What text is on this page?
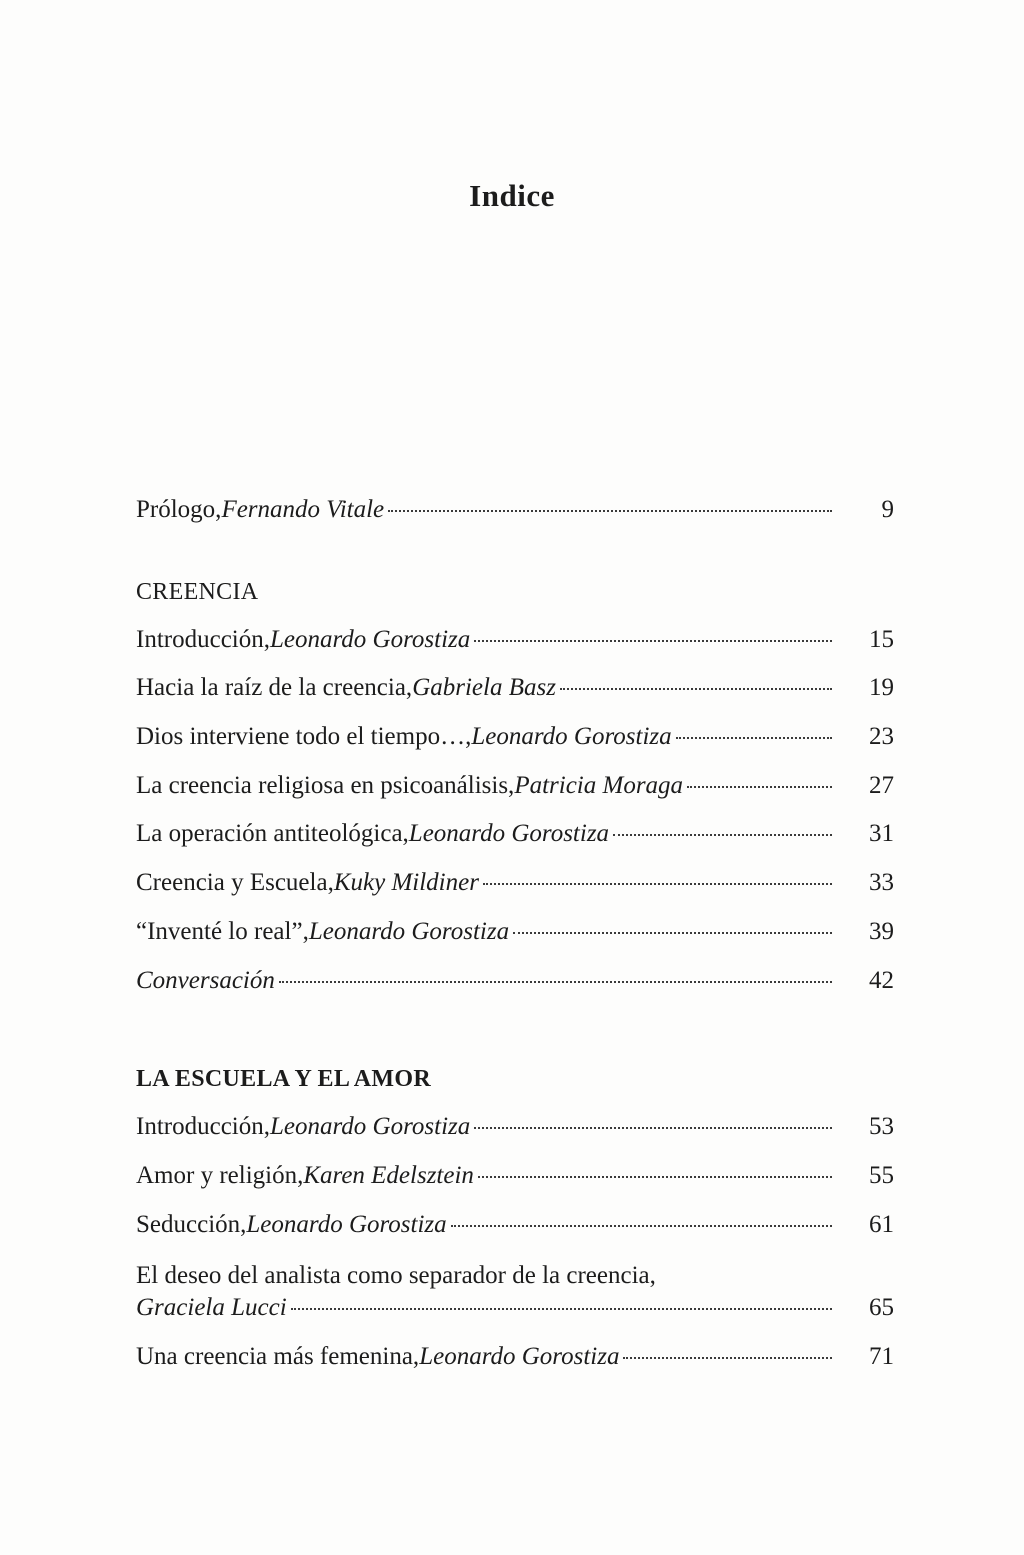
Indice
Prólogo, Fernando Vitale	9
CREENCIA
Introducción, Leonardo Gorostiza	15
Hacia la raíz de la creencia, Gabriela Basz	19
Dios interviene todo el tiempo…, Leonardo Gorostiza	23
La creencia religiosa en psicoanálisis, Patricia Moraga	27
La operación antiteológica, Leonardo Gorostiza	31
Creencia y Escuela, Kuky Mildiner	33
“Inventé lo real”, Leonardo Gorostiza	39
Conversación	42
LA ESCUELA Y EL AMOR
Introducción, Leonardo Gorostiza	53
Amor y religión, Karen Edelsztein	55
Seducción, Leonardo Gorostiza	61
El deseo del analista como separador de la creencia,
Graciela Lucci	65
Una creencia más femenina, Leonardo Gorostiza	71
